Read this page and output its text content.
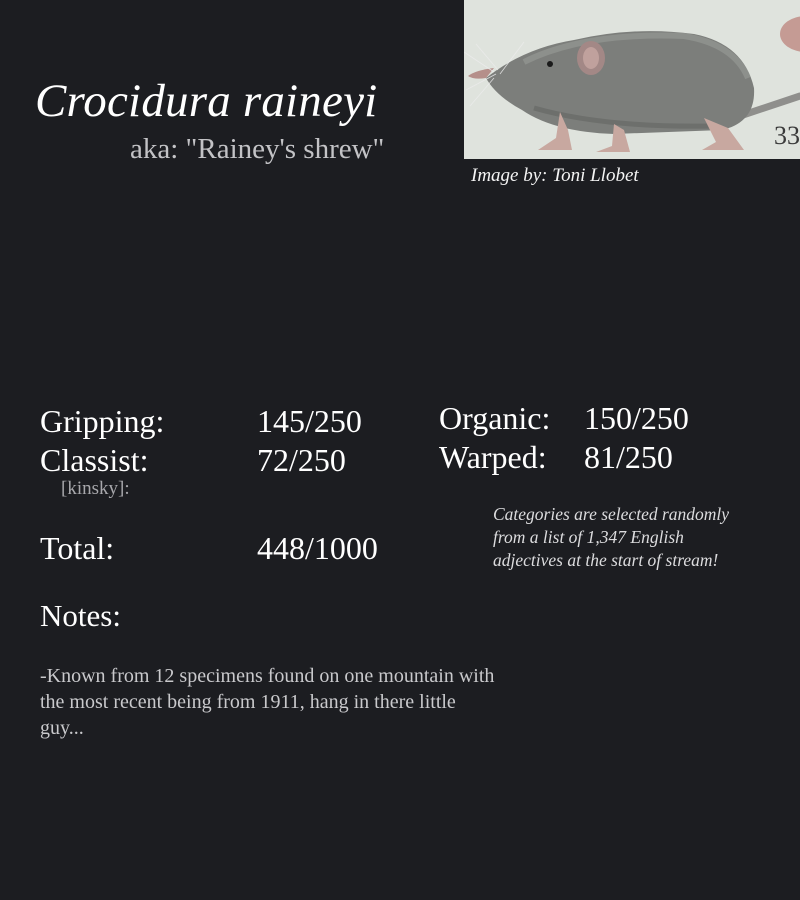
Crocidura raineyi
aka: "Rainey's shrew"	33
Image by: Toni Llobet
Gripping:	145/250
Classist:	72/250
[kinsky]:
Total:	448/1000
Organic: 150/250
Warped: 81/250
Categories are selected randomly from a list of 1,347 English adjectives at the start of stream!
Notes:
-Known from 12 specimens found on one mountain with the most recent being from 1911, hang in there little guy...
